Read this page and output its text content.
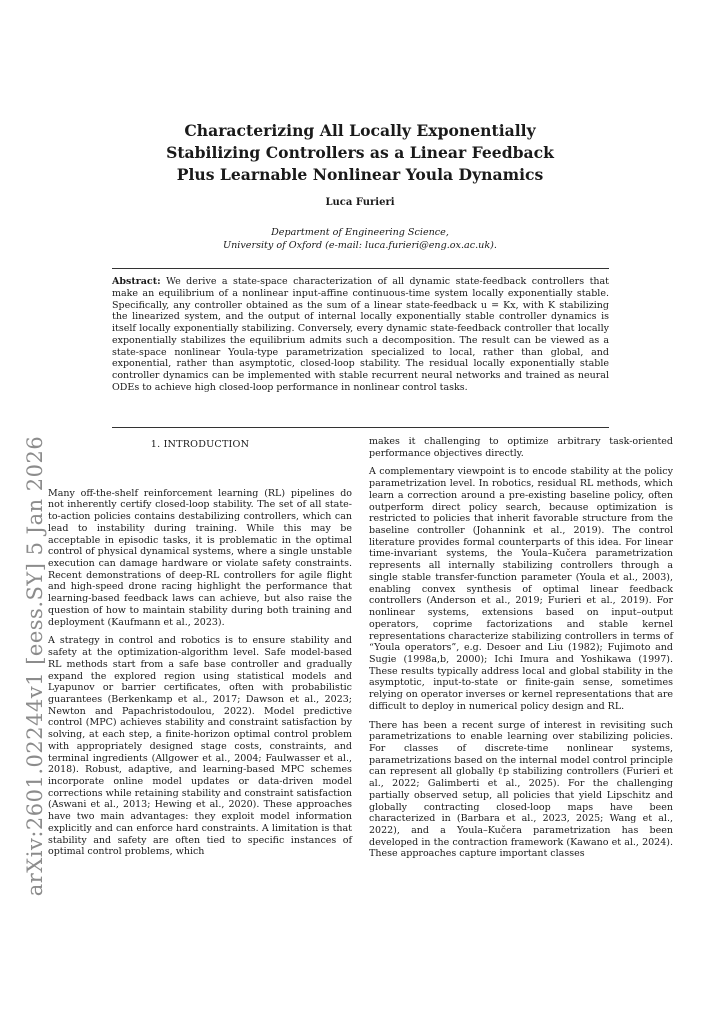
arXiv:2601.02244v1 [eess.SY] 5 Jan 2026
Characterizing All Locally Exponentially
Stabilizing Controllers as a Linear Feedback
Plus Learnable Nonlinear Youla Dynamics
Luca Furieri
Department of Engineering Science,
University of Oxford (e-mail: luca.furieri@eng.ox.ac.uk).
Abstract: We derive a state-space characterization of all dynamic state-feedback controllers that make an equilibrium of a nonlinear input-affine continuous-time system locally exponentially stable. Specifically, any controller obtained as the sum of a linear state-feedback u = Kx, with K stabilizing the linearized system, and the output of internal locally exponentially stable controller dynamics is itself locally exponentially stabilizing. Conversely, every dynamic state-feedback controller that locally exponentially stabilizes the equilibrium admits such a decomposition. The result can be viewed as a state-space nonlinear Youla-type parametrization specialized to local, rather than global, and exponential, rather than asymptotic, closed-loop stability. The residual locally exponentially stable controller dynamics can be implemented with stable recurrent neural networks and trained as neural ODEs to achieve high closed-loop performance in nonlinear control tasks.
1. INTRODUCTION

Many off-the-shelf reinforcement learning (RL) pipelines do not inherently certify closed-loop stability. The set of all state-to-action policies contains destabilizing controllers, which can lead to instability during training. While this may be acceptable in episodic tasks, it is problematic in the optimal control of physical dynamical systems, where a single unstable execution can damage hardware or violate safety constraints. Recent demonstrations of deep-RL controllers for agile flight and high-speed drone racing highlight the performance that learning-based feedback laws can achieve, but also raise the question of how to maintain stability during both training and deployment (Kaufmann et al., 2023).

A strategy in control and robotics is to ensure stability and safety at the optimization-algorithm level. Safe model-based RL methods start from a safe base controller and gradually expand the explored region using statistical models and Lyapunov or barrier certificates, often with probabilistic guarantees (Berkenkamp et al., 2017; Dawson et al., 2023; Newton and Papachristodoulou, 2022). Model predictive control (MPC) achieves stability and constraint satisfaction by solving, at each step, a finite-horizon optimal control problem with appropriately designed stage costs, constraints, and terminal ingredients (Allgower et al., 2004; Faulwasser et al., 2018). Robust, adaptive, and learning-based MPC schemes incorporate online model updates or data-driven model corrections while retaining stability and constraint satisfaction (Aswani et al., 2013; Hewing et al., 2020). These approaches have two main advantages: they exploit model information explicitly and can enforce hard constraints. A limitation is that stability and safety are often tied to specific instances of optimal control problems, which

makes it challenging to optimize arbitrary task-oriented performance objectives directly.

A complementary viewpoint is to encode stability at the policy parametrization level. In robotics, residual RL methods, which learn a correction around a pre-existing baseline policy, often outperform direct policy search, because optimization is restricted to policies that inherit favorable structure from the baseline controller (Johannink et al., 2019). The control literature provides formal counterparts of this idea. For linear time-invariant systems, the Youla–Kučera parametrization represents all internally stabilizing controllers through a single stable transfer-function parameter (Youla et al., 2003), enabling convex synthesis of optimal linear feedback controllers (Anderson et al., 2019; Furieri et al., 2019). For nonlinear systems, extensions based on input–output operators, coprime factorizations and stable kernel representations characterize stabilizing controllers in terms of “Youla operators”, e.g. Desoer and Liu (1982); Fujimoto and Sugie (1998a,b, 2000); Ichi Imura and Yoshikawa (1997). These results typically address local and global stability in the asymptotic, input-to-state or finite-gain sense, sometimes relying on operator inverses or kernel representations that are difficult to deploy in numerical policy design and RL.

There has been a recent surge of interest in revisiting such parametrizations to enable learning over stabilizing policies. For classes of discrete-time nonlinear systems, parametrizations based on the internal model control principle can represent all globally ℓp stabilizing controllers (Furieri et al., 2022; Galimberti et al., 2025). For the challenging partially observed setup, all policies that yield Lipschitz and globally contracting closed-loop maps have been characterized in (Barbara et al., 2023, 2025; Wang et al., 2022), and a Youla–Kučera parametrization has been developed in the contraction framework (Kawano et al., 2024). These approaches capture important classes
